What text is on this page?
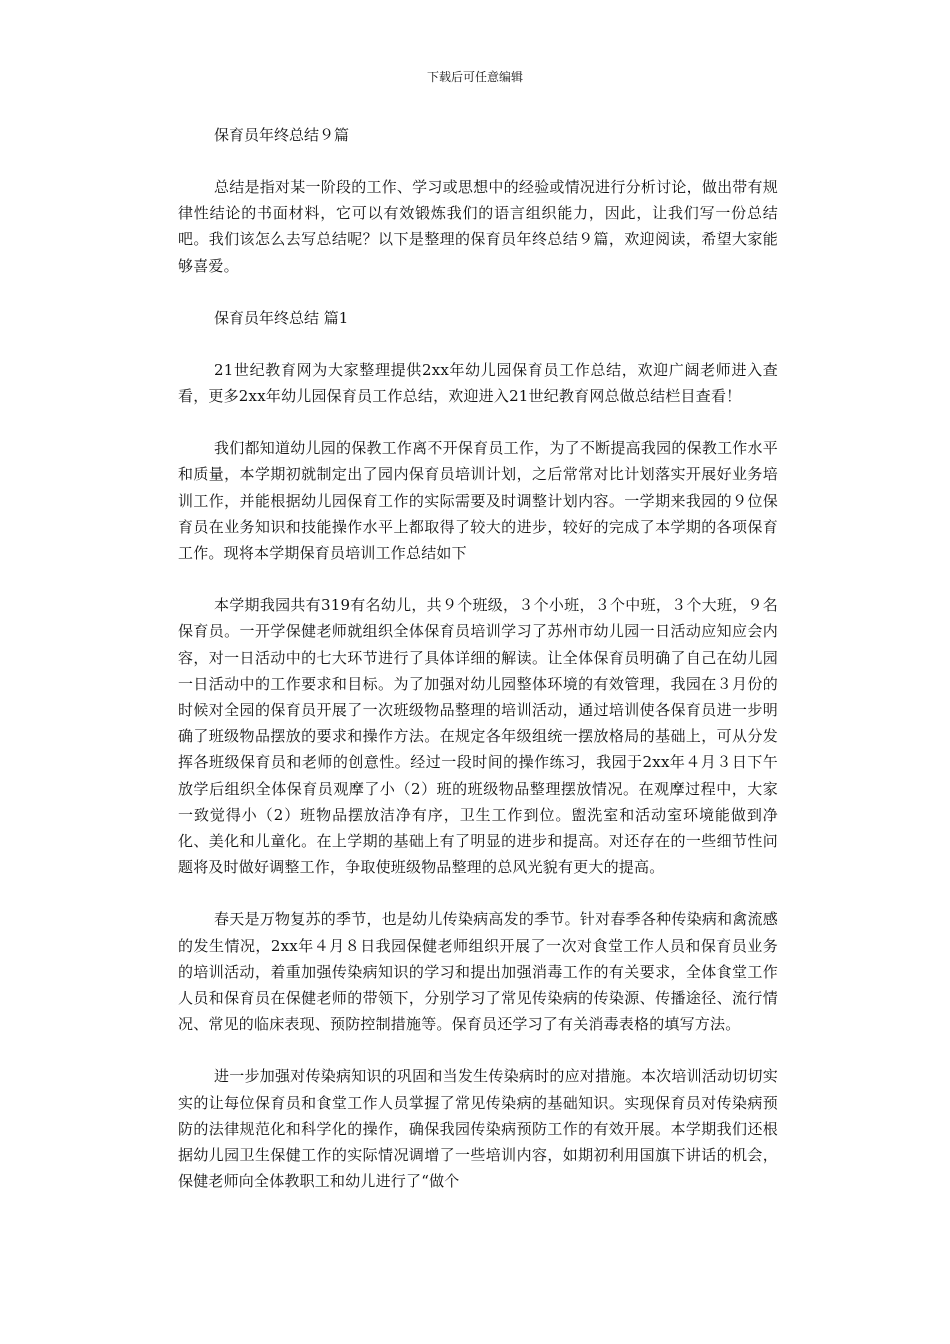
下载后可任意编辑
保育员年终总结９篇

总结是指对某一阶段的工作、学习或思想中的经验或情况进行分析讨论，做出带有规律性结论的书面材料，它可以有效锻炼我们的语言组织能力，因此，让我们写一份总结吧。我们该怎么去写总结呢？以下是整理的保育员年终总结９篇，欢迎阅读，希望大家能够喜爱。

保育员年终总结 篇1

21世纪教育网为大家整理提供2xx年幼儿园保育员工作总结，欢迎广阔老师进入查看，更多2xx年幼儿园保育员工作总结，欢迎进入21世纪教育网总做总结栏目查看！

我们都知道幼儿园的保教工作离不开保育员工作，为了不断提高我园的保教工作水平和质量，本学期初就制定出了园内保育员培训计划，之后常常对比计划落实开展好业务培训工作，并能根据幼儿园保育工作的实际需要及时调整计划内容。一学期来我园的９位保育员在业务知识和技能操作水平上都取得了较大的进步，较好的完成了本学期的各项保育工作。现将本学期保育员培训工作总结如下

本学期我园共有319有名幼儿，共９个班级，３个小班，３个中班，３个大班，９名保育员。一开学保健老师就组织全体保育员培训学习了苏州市幼儿园一日活动应知应会内容，对一日活动中的七大环节进行了具体详细的解读。让全体保育员明确了自己在幼儿园一日活动中的工作要求和目标。为了加强对幼儿园整体环境的有效管理，我园在３月份的时候对全园的保育员开展了一次班级物品整理的培训活动，通过培训使各保育员进一步明确了班级物品摆放的要求和操作方法。在规定各年级组统一摆放格局的基础上，可从分发挥各班级保育员和老师的创意性。经过一段时间的操作练习，我园于2xx年４月３日下午放学后组织全体保育员观摩了小（2）班的班级物品整理摆放情况。在观摩过程中，大家一致觉得小（2）班物品摆放洁净有序，卫生工作到位。盥洗室和活动室环境能做到净化、美化和儿童化。在上学期的基础上有了明显的进步和提高。对还存在的一些细节性问题将及时做好调整工作，争取使班级物品整理的总风光貌有更大的提高。

春天是万物复苏的季节，也是幼儿传染病高发的季节。针对春季各种传染病和禽流感的发生情况，2xx年４月８日我园保健老师组织开展了一次对食堂工作人员和保育员业务的培训活动，着重加强传染病知识的学习和提出加强消毒工作的有关要求，全体食堂工作人员和保育员在保健老师的带领下，分别学习了常见传染病的传染源、传播途径、流行情况、常见的临床表现、预防控制措施等。保育员还学习了有关消毒表格的填写方法。

进一步加强对传染病知识的巩固和当发生传染病时的应对措施。本次培训活动切切实实的让每位保育员和食堂工作人员掌握了常见传染病的基础知识。实现保育员对传染病预防的法律规范化和科学化的操作，确保我园传染病预防工作的有效开展。本学期我们还根据幼儿园卫生保健工作的实际情况调增了一些培训内容，如期初利用国旗下讲话的机会，保健老师向全体教职工和幼儿进行了“做个
